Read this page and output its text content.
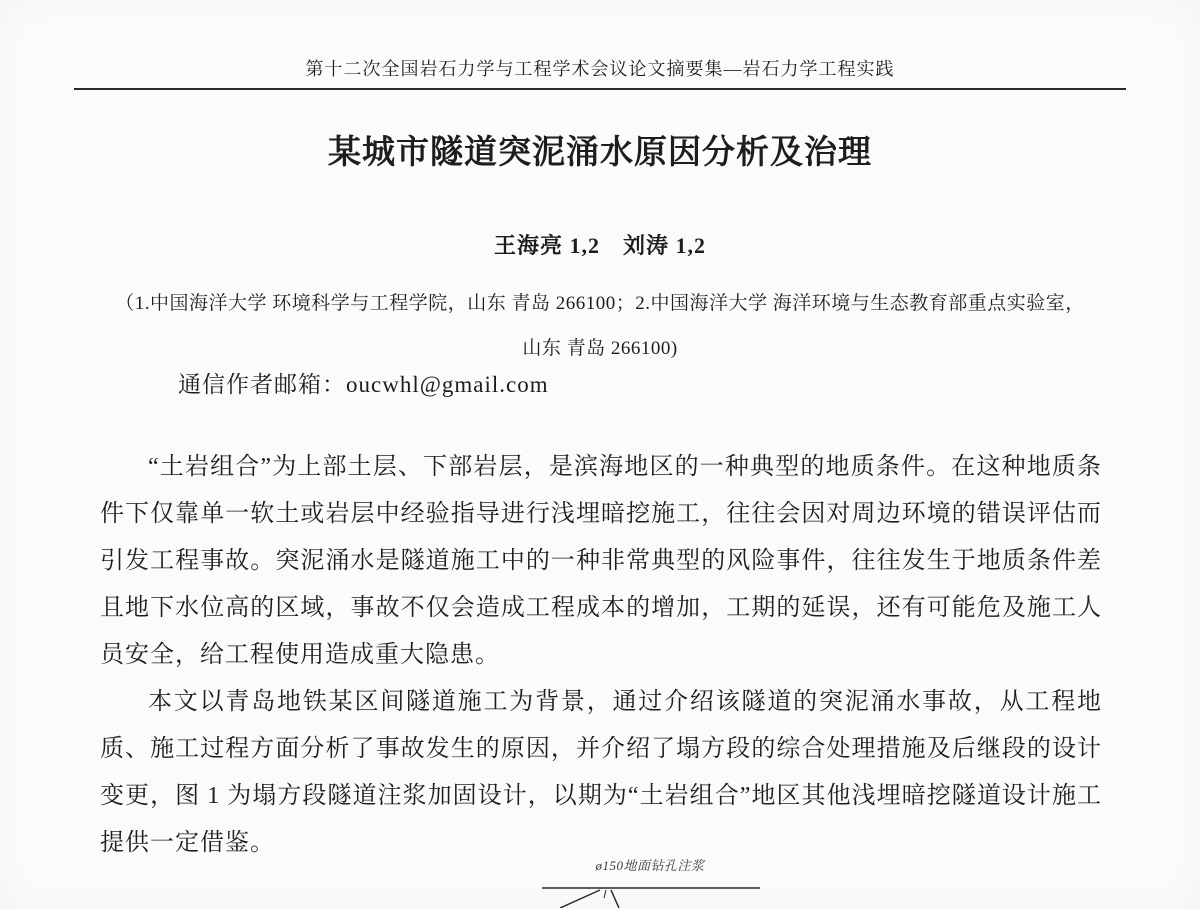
第十二次全国岩石力学与工程学术会议论文摘要集—岩石力学工程实践
某城市隧道突泥涌水原因分析及治理
王海亮 1,2　刘涛 1,2
（1.中国海洋大学 环境科学与工程学院，山东 青岛 266100；2.中国海洋大学 海洋环境与生态教育部重点实验室，
山东 青岛 266100)
通信作者邮箱：oucwhl@gmail.com

“土岩组合”为上部土层、下部岩层，是滨海地区的一种典型的地质条件。在这种地质条件下仅靠单一软土或岩层中经验指导进行浅埋暗挖施工，往往会因对周边环境的错误评估而引发工程事故。突泥涌水是隧道施工中的一种非常典型的风险事件，往往发生于地质条件差且地下水位高的区域，事故不仅会造成工程成本的增加，工期的延误，还有可能危及施工人员安全，给工程使用造成重大隐患。

本文以青岛地铁某区间隧道施工为背景，通过介绍该隧道的突泥涌水事故，从工程地质、施工过程方面分析了事故发生的原因，并介绍了塌方段的综合处理措施及后继段的设计变更，图 1 为塌方段隧道注浆加固设计，以期为“土岩组合”地区其他浅埋暗挖隧道设计施工提供一定借鉴。

ø150地面钻孔注浆
